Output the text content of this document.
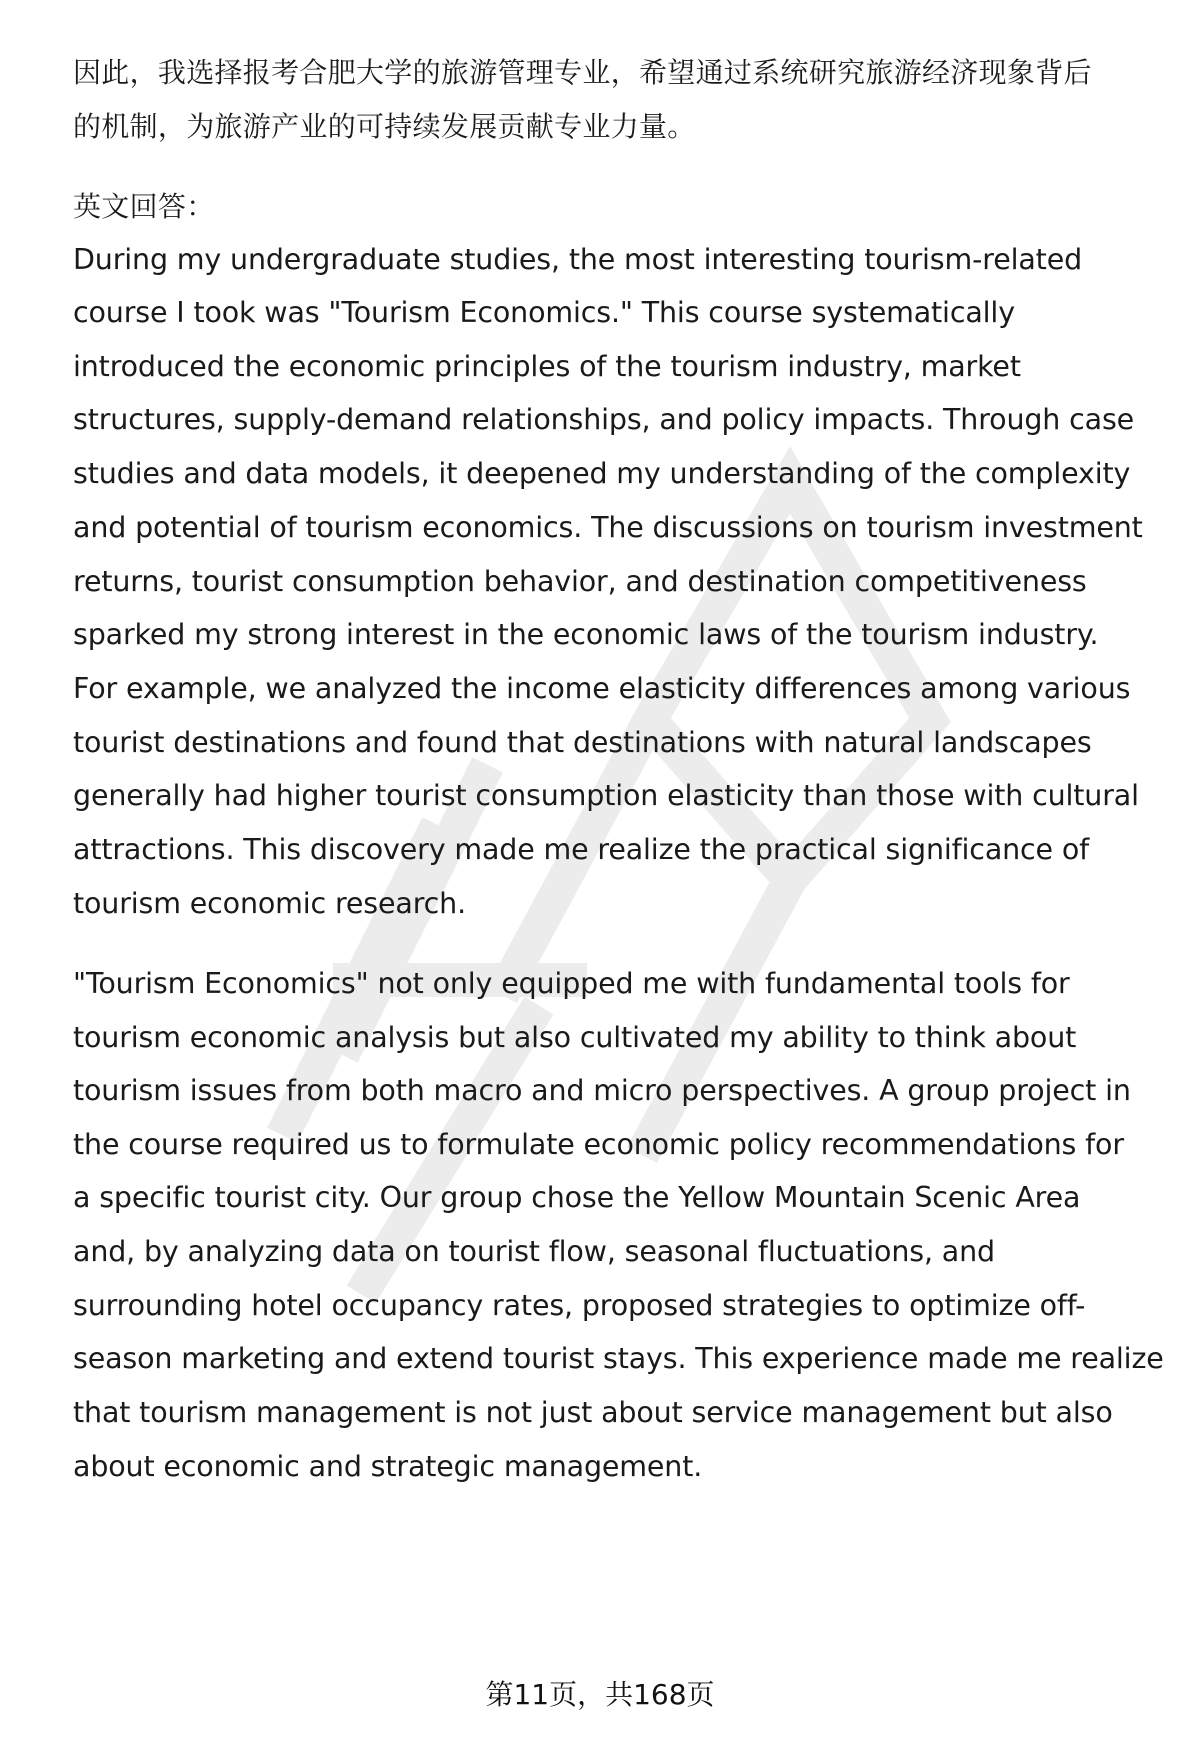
因此，我选择报考合肥大学的旅游管理专业，希望通过系统研究旅游经济现象背后
的机制，为旅游产业的可持续发展贡献专业力量。
英文回答：
During my undergraduate studies, the most interesting tourism-related
course I took was "Tourism Economics." This course systematically
introduced the economic principles of the tourism industry, market
structures, supply-demand relationships, and policy impacts. Through case
studies and data models, it deepened my understanding of the complexity
and potential of tourism economics. The discussions on tourism investment
returns, tourist consumption behavior, and destination competitiveness
sparked my strong interest in the economic laws of the tourism industry.
For example, we analyzed the income elasticity differences among various
tourist destinations and found that destinations with natural landscapes
generally had higher tourist consumption elasticity than those with cultural
attractions. This discovery made me realize the practical significance of
tourism economic research.
"Tourism Economics" not only equipped me with fundamental tools for
tourism economic analysis but also cultivated my ability to think about
tourism issues from both macro and micro perspectives. A group project in
the course required us to formulate economic policy recommendations for
a specific tourist city. Our group chose the Yellow Mountain Scenic Area
and, by analyzing data on tourist flow, seasonal fluctuations, and
surrounding hotel occupancy rates, proposed strategies to optimize off-
season marketing and extend tourist stays. This experience made me realize
that tourism management is not just about service management but also
about economic and strategic management.
第11页，共168页
